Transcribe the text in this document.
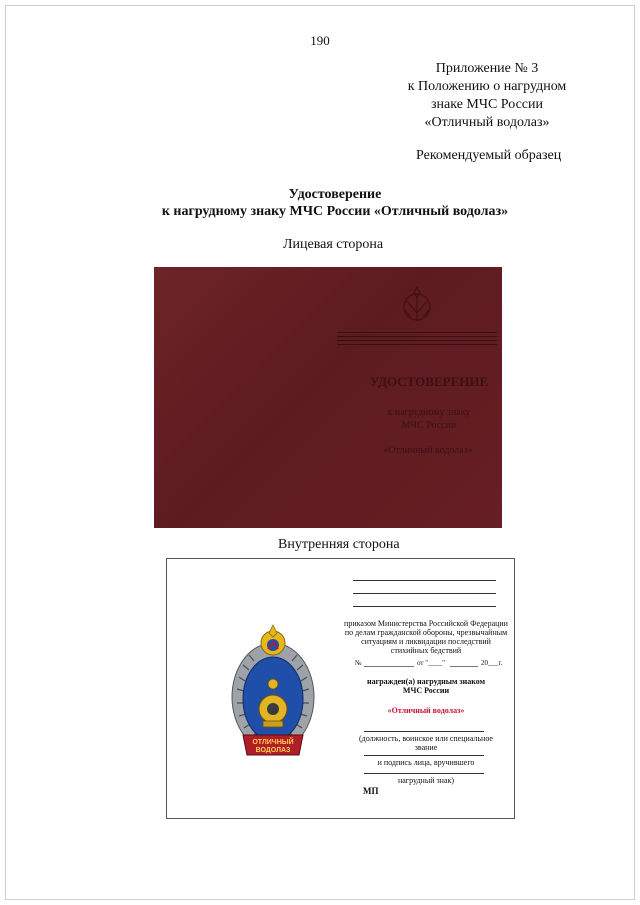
190
Приложение № 3
к Положению о нагрудном
знаке МЧС России
«Отличный водолаз»
Рекомендуемый образец
Удостоверение
к нагрудному знаку МЧС России «Отличный водолаз»
Лицевая сторона
УДОСТОВЕРЕНИЕ
к нагрудному знаку
МЧС России
«Отличный водолаз»
Внутренняя сторона
ОТЛИЧНЫЙ
ВОДОЛАЗ
приказом Министерства Российской Федерации
по делам гражданской обороны, чрезвычайным
ситуациям и ликвидации последствий
стихийных бедствий
№	от "____"	20___г.
награжден(а) нагрудным знаком
МЧС России
«Отличный водолаз»
(должность, воинское или специальное
звание
и подпись лица, вручившего
нагрудный знак)
МП
